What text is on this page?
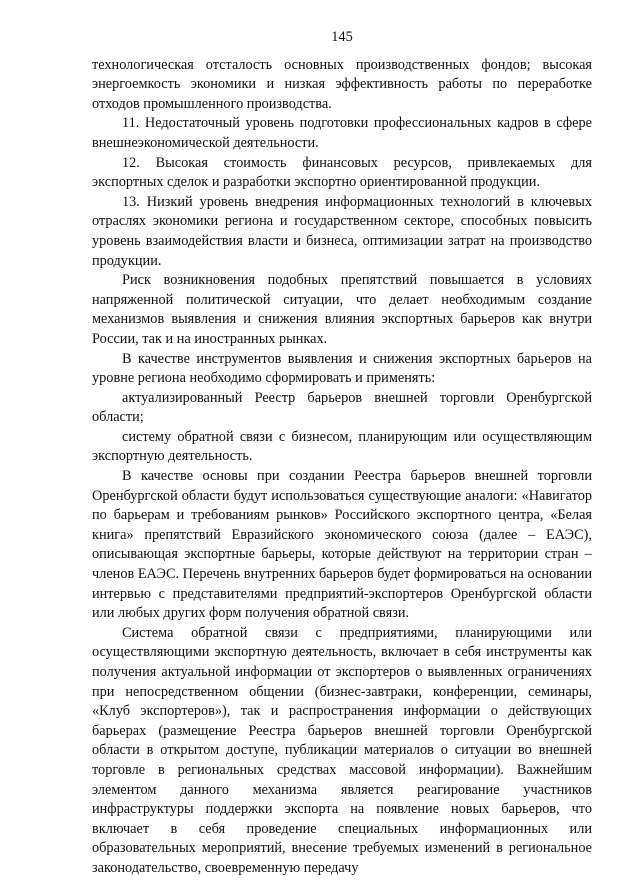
145

технологическая отсталость основных производственных фондов; высокая энергоемкость экономики и низкая эффективность работы по переработке отходов промышленного производства.

11. Недостаточный уровень подготовки профессиональных кадров в сфере внешнеэкономической деятельности.

12. Высокая стоимость финансовых ресурсов, привлекаемых для экспортных сделок и разработки экспортно ориентированной продукции.

13. Низкий уровень внедрения информационных технологий в ключевых отраслях экономики региона и государственном секторе, способных повысить уровень взаимодействия власти и бизнеса, оптимизации затрат на производство продукции.

Риск возникновения подобных препятствий повышается в условиях напряженной политической ситуации, что делает необходимым создание механизмов выявления и снижения влияния экспортных барьеров как внутри России, так и на иностранных рынках.

В качестве инструментов выявления и снижения экспортных барьеров на уровне региона необходимо сформировать и применять:

актуализированный Реестр барьеров внешней торговли Оренбургской области;

систему обратной связи с бизнесом, планирующим или осуществляющим экспортную деятельность.

В качестве основы при создании Реестра барьеров внешней торговли Оренбургской области будут использоваться существующие аналоги: «Навигатор по барьерам и требованиям рынков» Российского экспортного центра, «Белая книга» препятствий Евразийского экономического союза (далее – ЕАЭС), описывающая экспортные барьеры, которые действуют на территории стран – членов ЕАЭС. Перечень внутренних барьеров будет формироваться на основании интервью с представителями предприятий-экспортеров Оренбургской области или любых других форм получения обратной связи.

Система обратной связи с предприятиями, планирующими или осуществляющими экспортную деятельность, включает в себя инструменты как получения актуальной информации от экспортеров о выявленных ограничениях при непосредственном общении (бизнес-завтраки, конференции, семинары, «Клуб экспортеров»), так и распространения информации о действующих барьерах (размещение Реестра барьеров внешней торговли Оренбургской области в открытом доступе, публикации материалов о ситуации во внешней торговле в региональных средствах массовой информации). Важнейшим элементом данного механизма является реагирование участников инфраструктуры поддержки экспорта на появление новых барьеров, что включает в себя проведение специальных информационных или образовательных мероприятий, внесение требуемых изменений в региональное законодательство, своевременную передачу
